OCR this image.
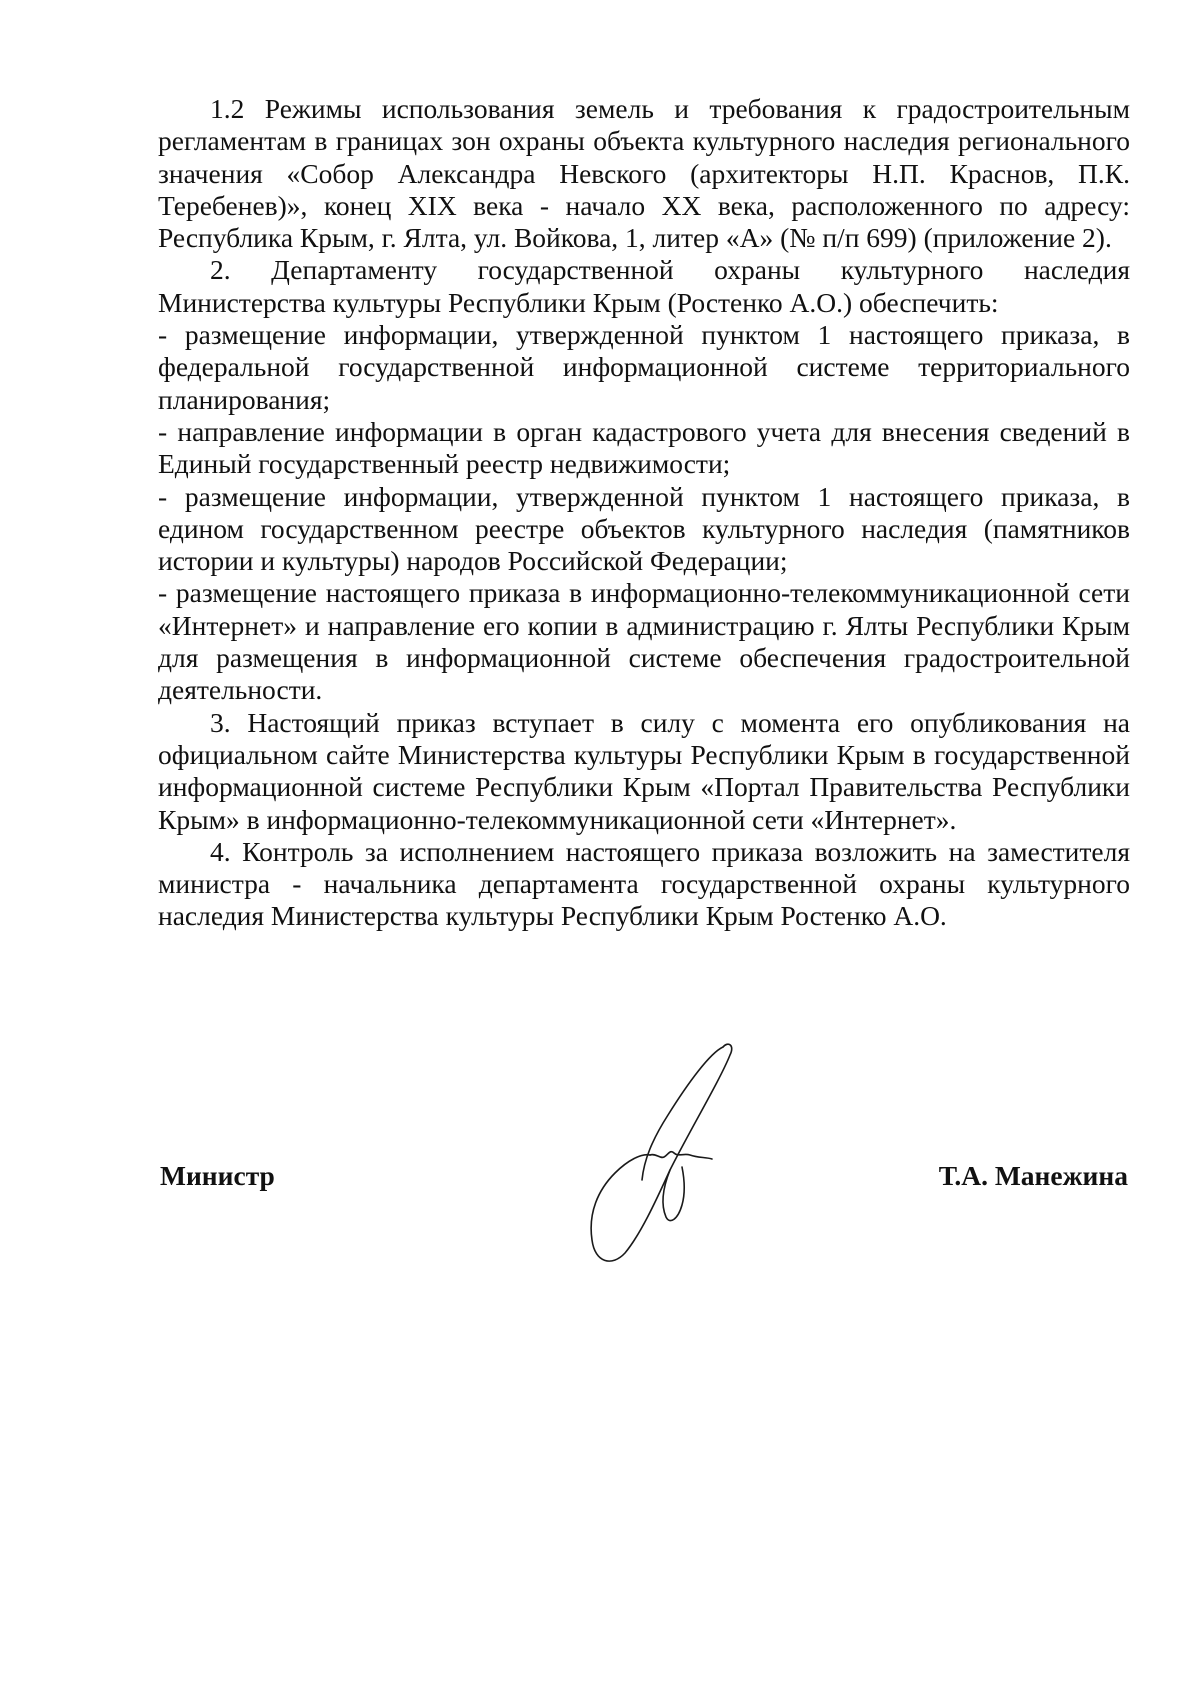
1.2 Режимы использования земель и требования к градостроительным регламентам в границах зон охраны объекта культурного наследия регионального значения «Собор Александра Невского (архитекторы Н.П. Краснов, П.К. Теребенев)», конец XIX века - начало XX века, расположенного по адресу: Республика Крым, г. Ялта, ул. Войкова, 1, литер «А» (№ п/п 699) (приложение 2).

2. Департаменту государственной охраны культурного наследия Министерства культуры Республики Крым (Ростенко А.О.) обеспечить:

- размещение информации, утвержденной пунктом 1 настоящего приказа, в федеральной государственной информационной системе территориального планирования;

- направление информации в орган кадастрового учета для внесения сведений в Единый государственный реестр недвижимости;

- размещение информации, утвержденной пунктом 1 настоящего приказа, в едином государственном реестре объектов культурного наследия (памятников истории и культуры) народов Российской Федерации;

- размещение настоящего приказа в информационно-телекоммуникационной сети «Интернет» и направление его копии в администрацию г. Ялты Республики Крым для размещения в информационной системе обеспечения градостроительной деятельности.

3. Настоящий приказ вступает в силу с момента его опубликования на официальном сайте Министерства культуры Республики Крым в государственной информационной системе Республики Крым «Портал Правительства Республики Крым» в информационно-телекоммуникационной сети «Интернет».

4. Контроль за исполнением настоящего приказа возложить на заместителя министра - начальника департамента государственной охраны культурного наследия Министерства культуры Республики Крым Ростенко А.О.

Министр	Т.А. Манежина
